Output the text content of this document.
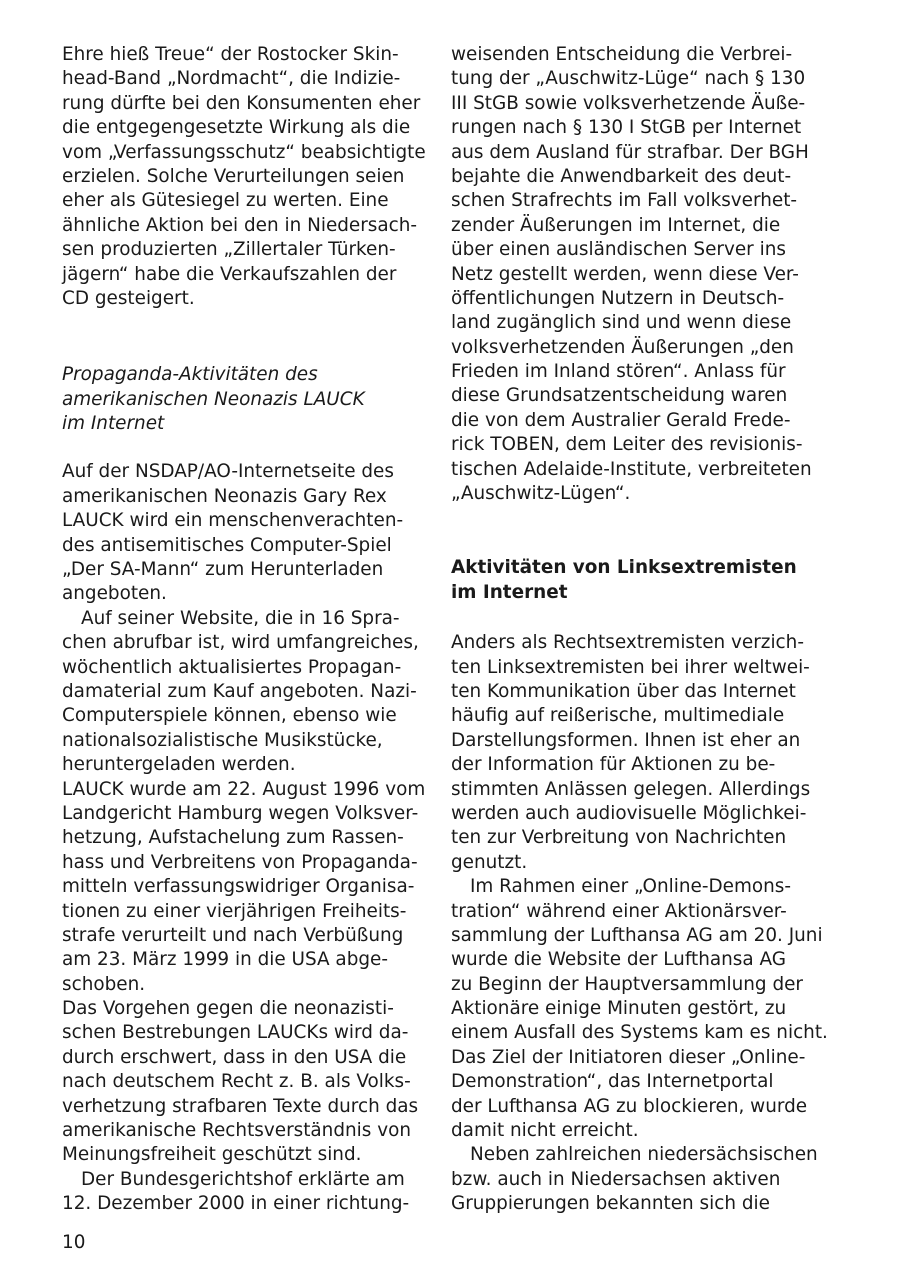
Ehre hieß Treue“ der Rostocker Skin-
head-Band „Nordmacht“, die Indizie-
rung dürfte bei den Konsumenten eher
die entgegengesetzte Wirkung als die
vom „Verfassungsschutz“ beabsichtigte
erzielen. Solche Verurteilungen seien
eher als Gütesiegel zu werten. Eine
ähnliche Aktion bei den in Niedersach-
sen produzierten „Zillertaler Türken-
jägern“ habe die Verkaufszahlen der
CD gesteigert.
Propaganda-Aktivitäten des
amerikanischen Neonazis LAUCK
im Internet
Auf der NSDAP/AO-Internetseite des
amerikanischen Neonazis Gary Rex
LAUCK wird ein menschenverachten-
des antisemitisches Computer-Spiel
„Der SA-Mann“ zum Herunterladen
angeboten.
Auf seiner Website, die in 16 Spra-
chen abrufbar ist, wird umfangreiches,
wöchentlich aktualisiertes Propagan-
damaterial zum Kauf angeboten. Nazi-
Computerspiele können, ebenso wie
nationalsozialistische Musikstücke,
heruntergeladen werden.
LAUCK wurde am 22. August 1996 vom
Landgericht Hamburg wegen Volksver-
hetzung, Aufstachelung zum Rassen-
hass und Verbreitens von Propaganda-
mitteln verfassungswidriger Organisa-
tionen zu einer vierjährigen Freiheits-
strafe verurteilt und nach Verbüßung
am 23. März 1999 in die USA abge-
schoben.
Das Vorgehen gegen die neonazisti-
schen Bestrebungen LAUCKs wird da-
durch erschwert, dass in den USA die
nach deutschem Recht z. B. als Volks-
verhetzung strafbaren Texte durch das
amerikanische Rechtsverständnis von
Meinungsfreiheit geschützt sind.
Der Bundesgerichtshof erklärte am
12. Dezember 2000 in einer richtung-
weisenden Entscheidung die Verbrei-
tung der „Auschwitz-Lüge“ nach § 130
III StGB sowie volksverhetzende Äuße-
rungen nach § 130 I StGB per Internet
aus dem Ausland für strafbar. Der BGH
bejahte die Anwendbarkeit des deut-
schen Strafrechts im Fall volksverhet-
zender Äußerungen im Internet, die
über einen ausländischen Server ins
Netz gestellt werden, wenn diese Ver-
öffentlichungen Nutzern in Deutsch-
land zugänglich sind und wenn diese
volksverhetzenden Äußerungen „den
Frieden im Inland stören“. Anlass für
diese Grundsatzentscheidung waren
die von dem Australier Gerald Frede-
rick TOBEN, dem Leiter des revisionis-
tischen Adelaide-Institute, verbreiteten
„Auschwitz-Lügen“.
Aktivitäten von Linksextremisten
im Internet
Anders als Rechtsextremisten verzich-
ten Linksextremisten bei ihrer weltwei-
ten Kommunikation über das Internet
häufig auf reißerische, multimediale
Darstellungsformen. Ihnen ist eher an
der Information für Aktionen zu be-
stimmten Anlässen gelegen. Allerdings
werden auch audiovisuelle Möglichkei-
ten zur Verbreitung von Nachrichten
genutzt.
Im Rahmen einer „Online-Demons-
tration“ während einer Aktionärsver-
sammlung der Lufthansa AG am 20. Juni
wurde die Website der Lufthansa AG
zu Beginn der Hauptversammlung der
Aktionäre einige Minuten gestört, zu
einem Ausfall des Systems kam es nicht.
Das Ziel der Initiatoren dieser „Online-
Demonstration“, das Internetportal
der Lufthansa AG zu blockieren, wurde
damit nicht erreicht.
Neben zahlreichen niedersächsischen
bzw. auch in Niedersachsen aktiven
Gruppierungen bekannten sich die
10
